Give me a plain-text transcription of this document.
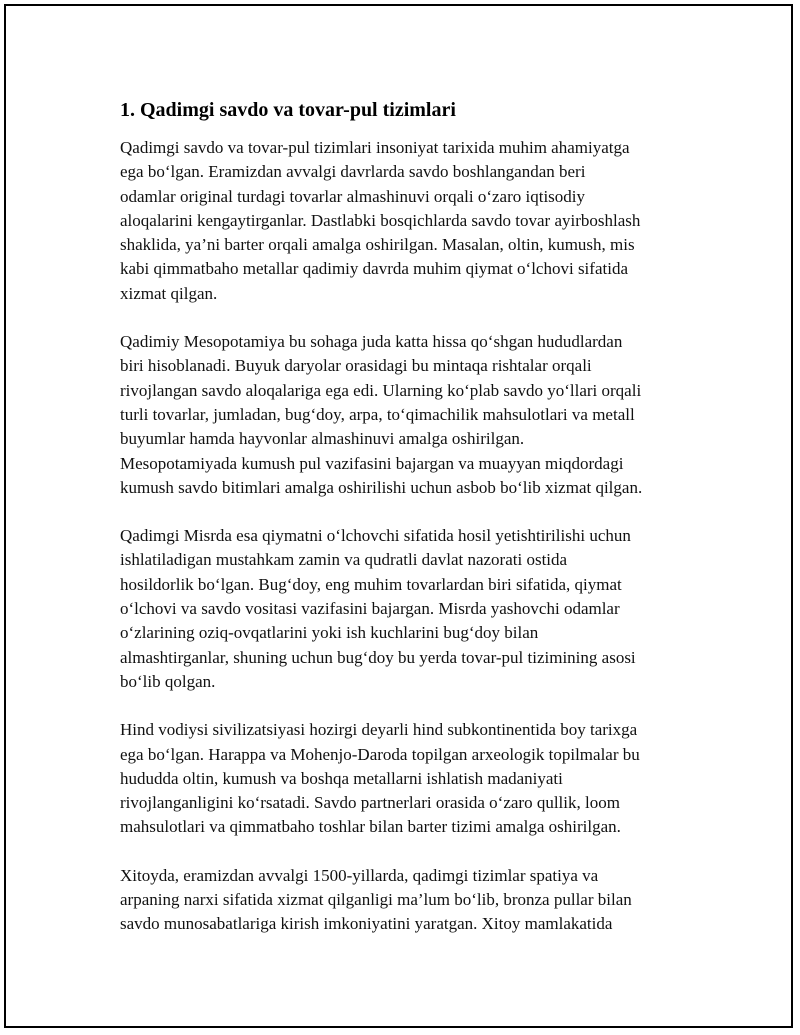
1. Qadimgi savdo va tovar-pul tizimlari

Qadimgi savdo va tovar-pul tizimlari insoniyat tarixida muhim ahamiyatga
ega bo‘lgan. Eramizdan avvalgi davrlarda savdo boshlangandan beri
odamlar original turdagi tovarlar almashinuvi orqali o‘zaro iqtisodiy
aloqalarini kengaytirganlar. Dastlabki bosqichlarda savdo tovar ayirboshlash
shaklida, ya’ni barter orqali amalga oshirilgan. Masalan, oltin, kumush, mis
kabi qimmatbaho metallar qadimiy davrda muhim qiymat o‘lchovi sifatida
xizmat qilgan.

Qadimiy Mesopotamiya bu sohaga juda katta hissa qo‘shgan hududlardan
biri hisoblanadi. Buyuk daryolar orasidagi bu mintaqa rishtalar orqali
rivojlangan savdo aloqalariga ega edi. Ularning ko‘plab savdo yo‘llari orqali
turli tovarlar, jumladan, bug‘doy, arpa, to‘qimachilik mahsulotlari va metall
buyumlar hamda hayvonlar almashinuvi amalga oshirilgan.
Mesopotamiyada kumush pul vazifasini bajargan va muayyan miqdordagi
kumush savdo bitimlari amalga oshirilishi uchun asbob bo‘lib xizmat qilgan.

Qadimgi Misrda esa qiymatni o‘lchovchi sifatida hosil yetishtirilishi uchun
ishlatiladigan mustahkam zamin va qudratli davlat nazorati ostida
hosildorlik bo‘lgan. Bug‘doy, eng muhim tovarlardan biri sifatida, qiymat
o‘lchovi va savdo vositasi vazifasini bajargan. Misrda yashovchi odamlar
o‘zlarining oziq-ovqatlarini yoki ish kuchlarini bug‘doy bilan
almashtirganlar, shuning uchun bug‘doy bu yerda tovar-pul tizimining asosi
bo‘lib qolgan.

Hind vodiysi sivilizatsiyasi hozirgi deyarli hind subkontinentida boy tarixga
ega bo‘lgan. Harappa va Mohenjo-Daroda topilgan arxeologik topilmalar bu
hududda oltin, kumush va boshqa metallarni ishlatish madaniyati
rivojlanganligini ko‘rsatadi. Savdo partnerlari orasida o‘zaro qullik, loom
mahsulotlari va qimmatbaho toshlar bilan barter tizimi amalga oshirilgan.

Xitoyda, eramizdan avvalgi 1500-yillarda, qadimgi tizimlar spatiya va
arpaning narxi sifatida xizmat qilganligi ma’lum bo‘lib, bronza pullar bilan
savdo munosabatlariga kirish imkoniyatini yaratgan. Xitoy mamlakatida
